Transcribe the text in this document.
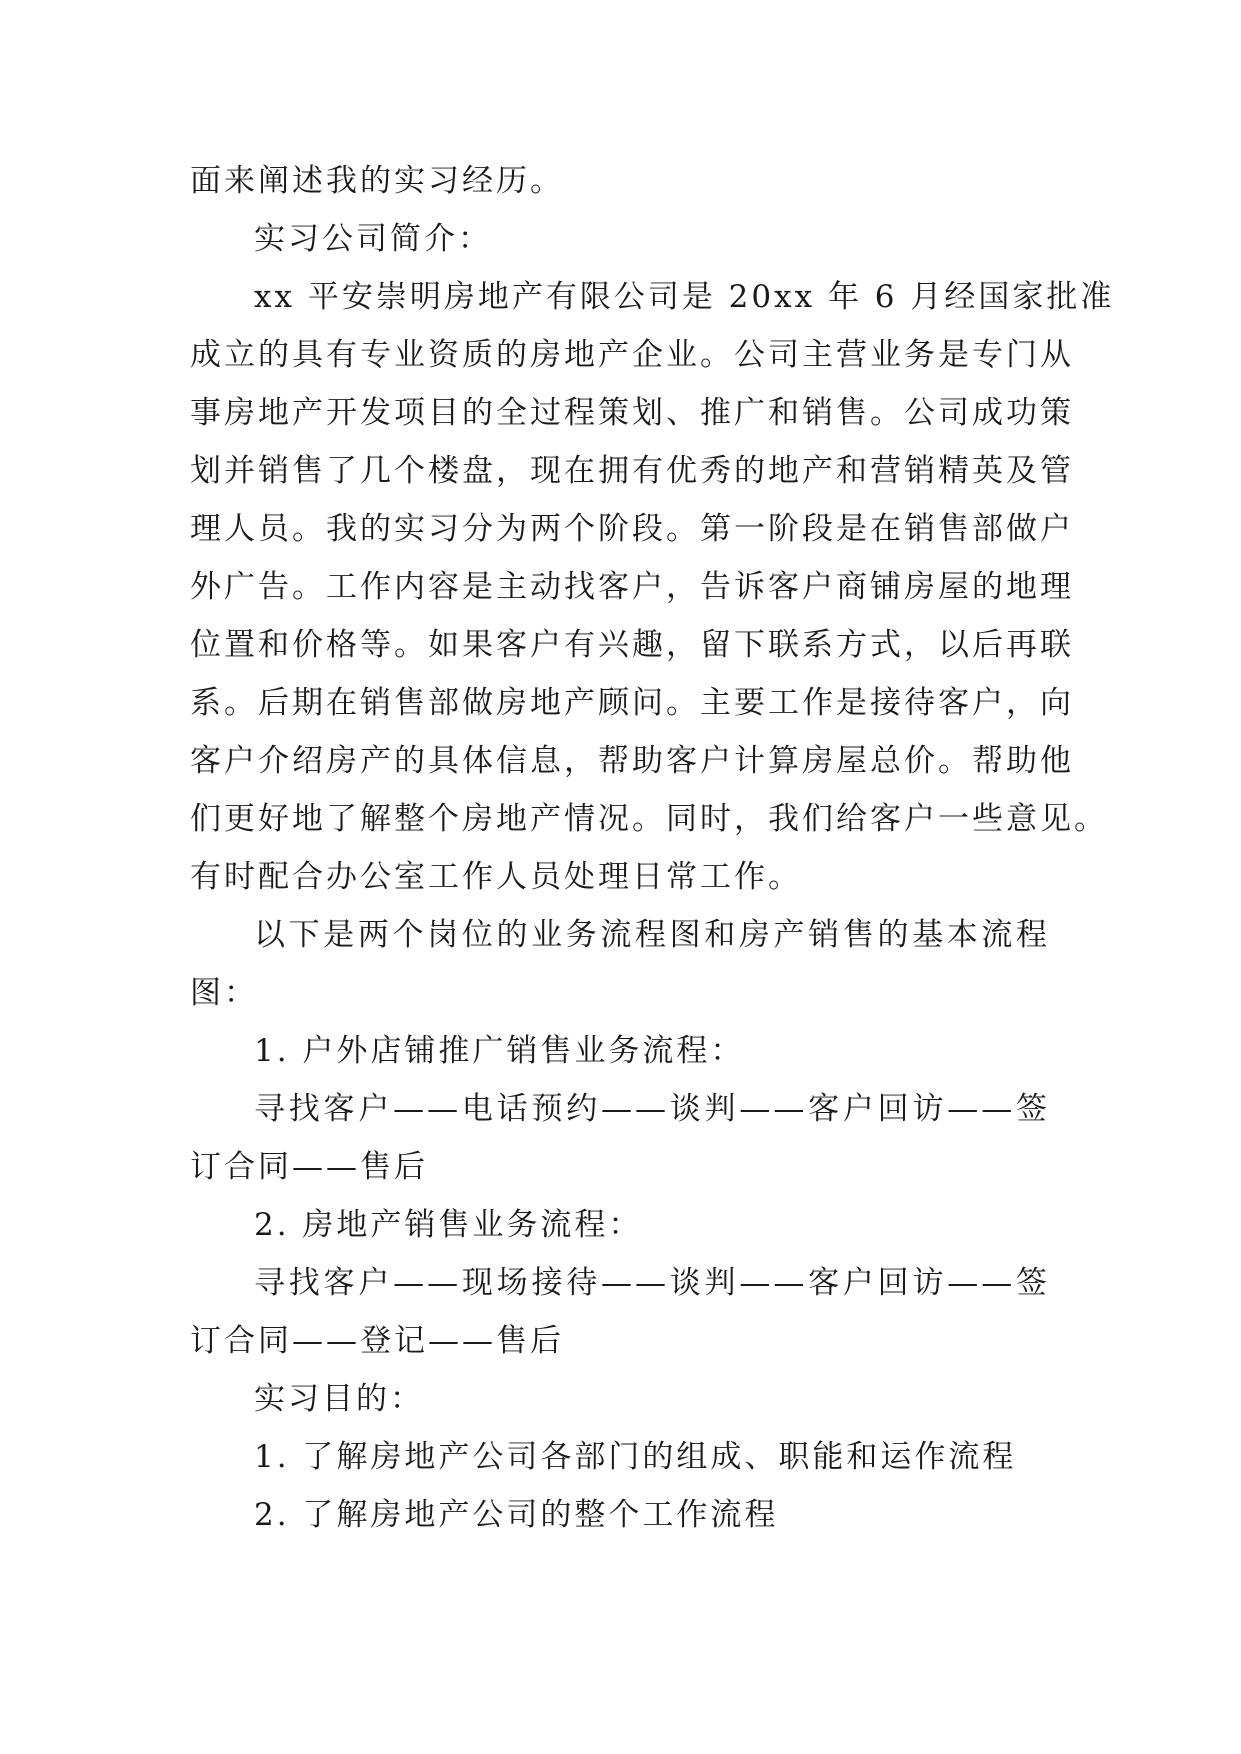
面来阐述我的实习经历。
实习公司简介：
xx 平安崇明房地产有限公司是 20xx 年 6 月经国家批准
成立的具有专业资质的房地产企业。公司主营业务是专门从
事房地产开发项目的全过程策划、推广和销售。公司成功策
划并销售了几个楼盘，现在拥有优秀的地产和营销精英及管
理人员。我的实习分为两个阶段。第一阶段是在销售部做户
外广告。工作内容是主动找客户，告诉客户商铺房屋的地理
位置和价格等。如果客户有兴趣，留下联系方式，以后再联
系。后期在销售部做房地产顾问。主要工作是接待客户，向
客户介绍房产的具体信息，帮助客户计算房屋总价。帮助他
们更好地了解整个房地产情况。同时，我们给客户一些意见。
有时配合办公室工作人员处理日常工作。
以下是两个岗位的业务流程图和房产销售的基本流程
图：
1. 户外店铺推广销售业务流程：
寻找客户——电话预约——谈判——客户回访——签
订合同——售后
2. 房地产销售业务流程：
寻找客户——现场接待——谈判——客户回访——签
订合同——登记——售后
实习目的：
1. 了解房地产公司各部门的组成、职能和运作流程
2. 了解房地产公司的整个工作流程
